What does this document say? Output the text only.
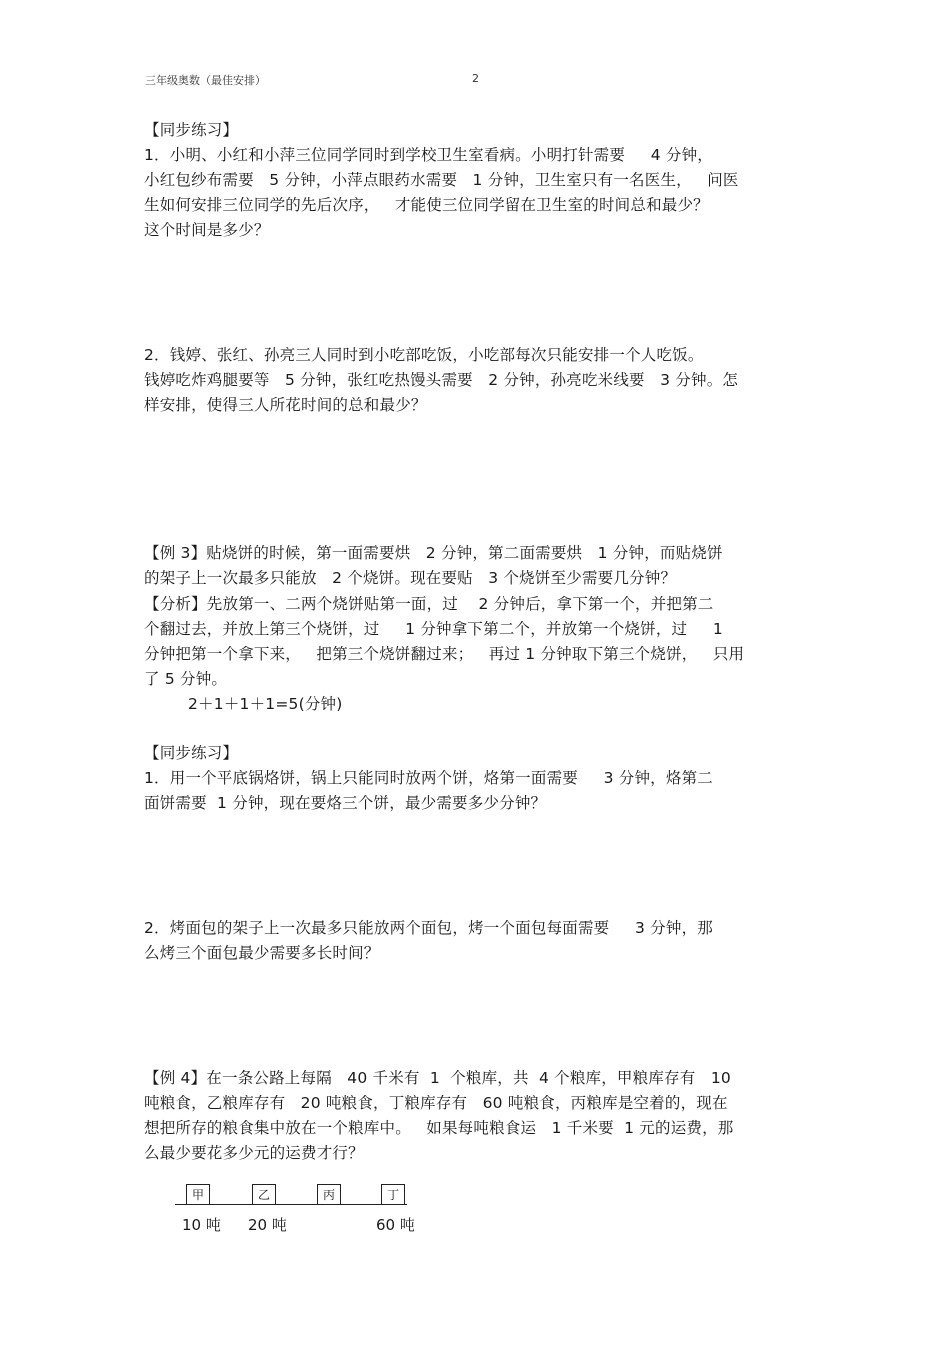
三年级奥数（最佳安排）	2
【同步练习】
1．小明、小红和小萍三位同学同时到学校卫生室看病。小明打针需要     4 分钟，
小红包纱布需要   5 分钟，小萍点眼药水需要   1 分钟，卫生室只有一名医生，   问医
生如何安排三位同学的先后次序，   才能使三位同学留在卫生室的时间总和最少？
这个时间是多少？
2．钱婷、张红、孙亮三人同时到小吃部吃饭，小吃部每次只能安排一个人吃饭。
钱婷吃炸鸡腿要等   5 分钟，张红吃热馒头需要   2 分钟，孙亮吃米线要   3 分钟。怎
样安排，使得三人所花时间的总和最少？
【例 3】贴烧饼的时候，第一面需要烘   2 分钟，第二面需要烘   1 分钟，而贴烧饼
的架子上一次最多只能放   2 个烧饼。现在要贴   3 个烧饼至少需要几分钟？
【分析】先放第一、二两个烧饼贴第一面，过    2 分钟后，拿下第一个，并把第二
个翻过去，并放上第三个烧饼，过     1 分钟拿下第二个，并放第一个烧饼，过     1
分钟把第一个拿下来，   把第三个烧饼翻过来；   再过 1 分钟取下第三个烧饼，   只用
了 5 分钟。
2＋1＋1＋1=5(分钟)
【同步练习】
1．用一个平底锅烙饼，锅上只能同时放两个饼，烙第一面需要     3 分钟，烙第二
面饼需要  1 分钟，现在要烙三个饼，最少需要多少分钟？
2．烤面包的架子上一次最多只能放两个面包，烤一个面包每面需要     3 分钟，那
么烤三个面包最少需要多长时间？
【例 4】在一条公路上每隔   40 千米有  1  个粮库，共  4 个粮库，甲粮库存有   10
吨粮食，乙粮库存有   20 吨粮食，丁粮库存有   60 吨粮食，丙粮库是空着的，现在
想把所存的粮食集中放在一个粮库中。   如果每吨粮食运   1 千米要  1 元的运费，那
么最少要花多少元的运费才行？
甲	乙	丙	丁
10 吨 20 吨	60 吨
